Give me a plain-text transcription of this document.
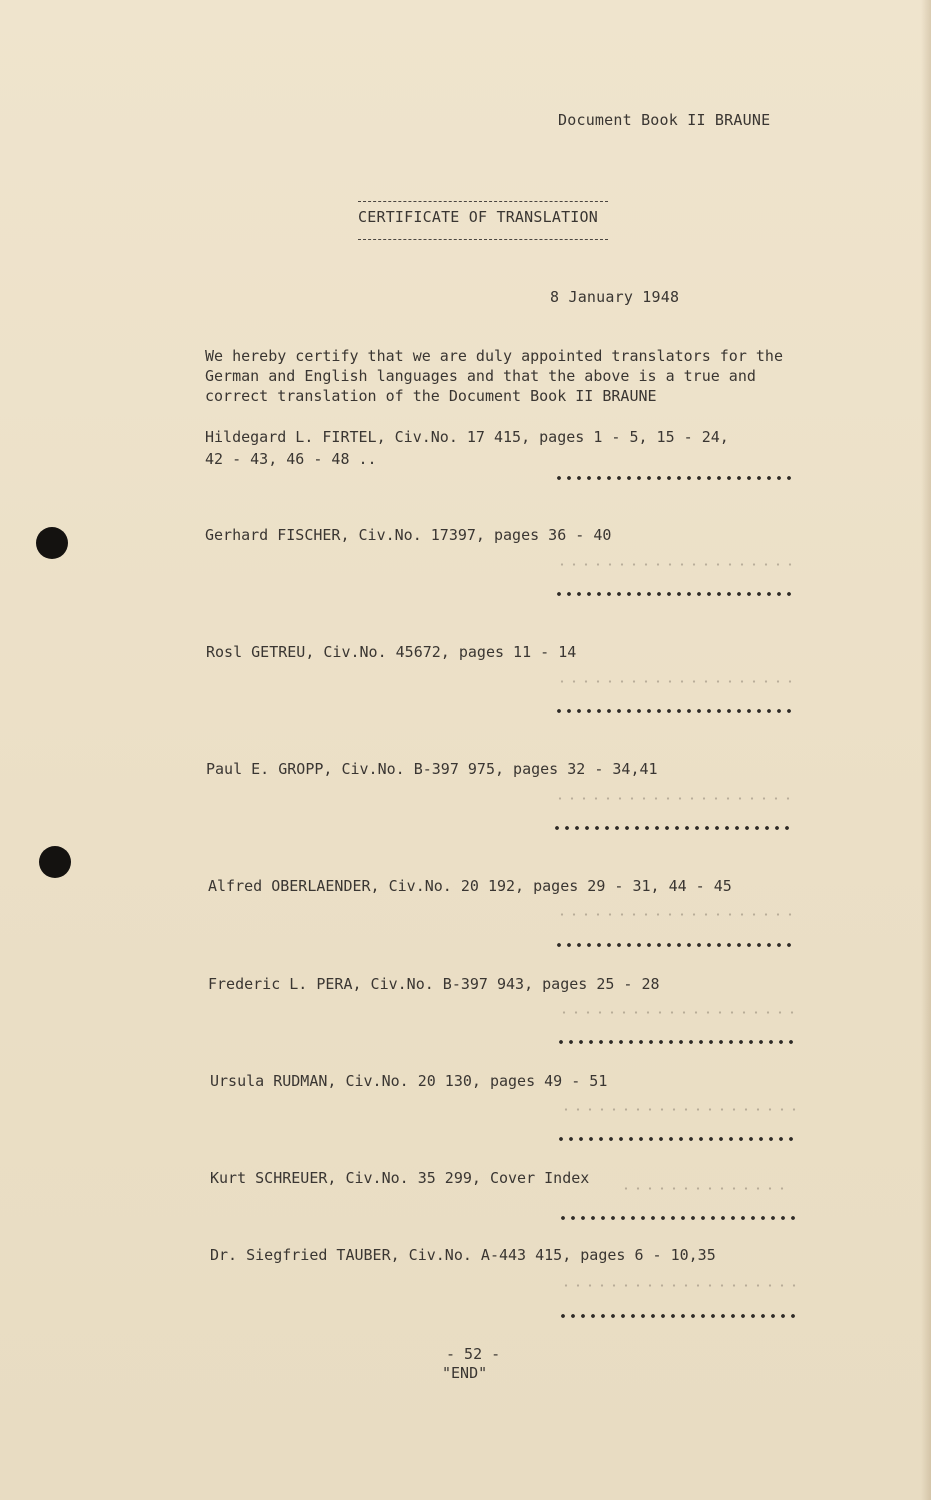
Document Book II BRAUNE
CERTIFICATE OF TRANSLATION
8 January 1948
We hereby certify that we are duly appointed translators for the
German and English languages and that the above is a true and
correct translation of the Document Book II BRAUNE
Hildegard L. FIRTEL, Civ.No. 17 415, pages 1 - 5, 15 - 24,
42 - 43, 46 - 48 ..
Gerhard FISCHER, Civ.No. 17397, pages 36 - 40
Rosl GETREU, Civ.No. 45672, pages 11 - 14
Paul E. GROPP, Civ.No. B-397 975, pages 32 - 34,41
Alfred OBERLAENDER, Civ.No. 20 192, pages 29 - 31, 44 - 45
Frederic L. PERA, Civ.No. B-397 943, pages 25 - 28
Ursula RUDMAN, Civ.No. 20 130, pages 49 - 51
Kurt SCHREUER, Civ.No. 35 299, Cover Index
Dr. Siegfried TAUBER, Civ.No. A-443 415, pages 6 - 10,35
- 52 -
"END"
